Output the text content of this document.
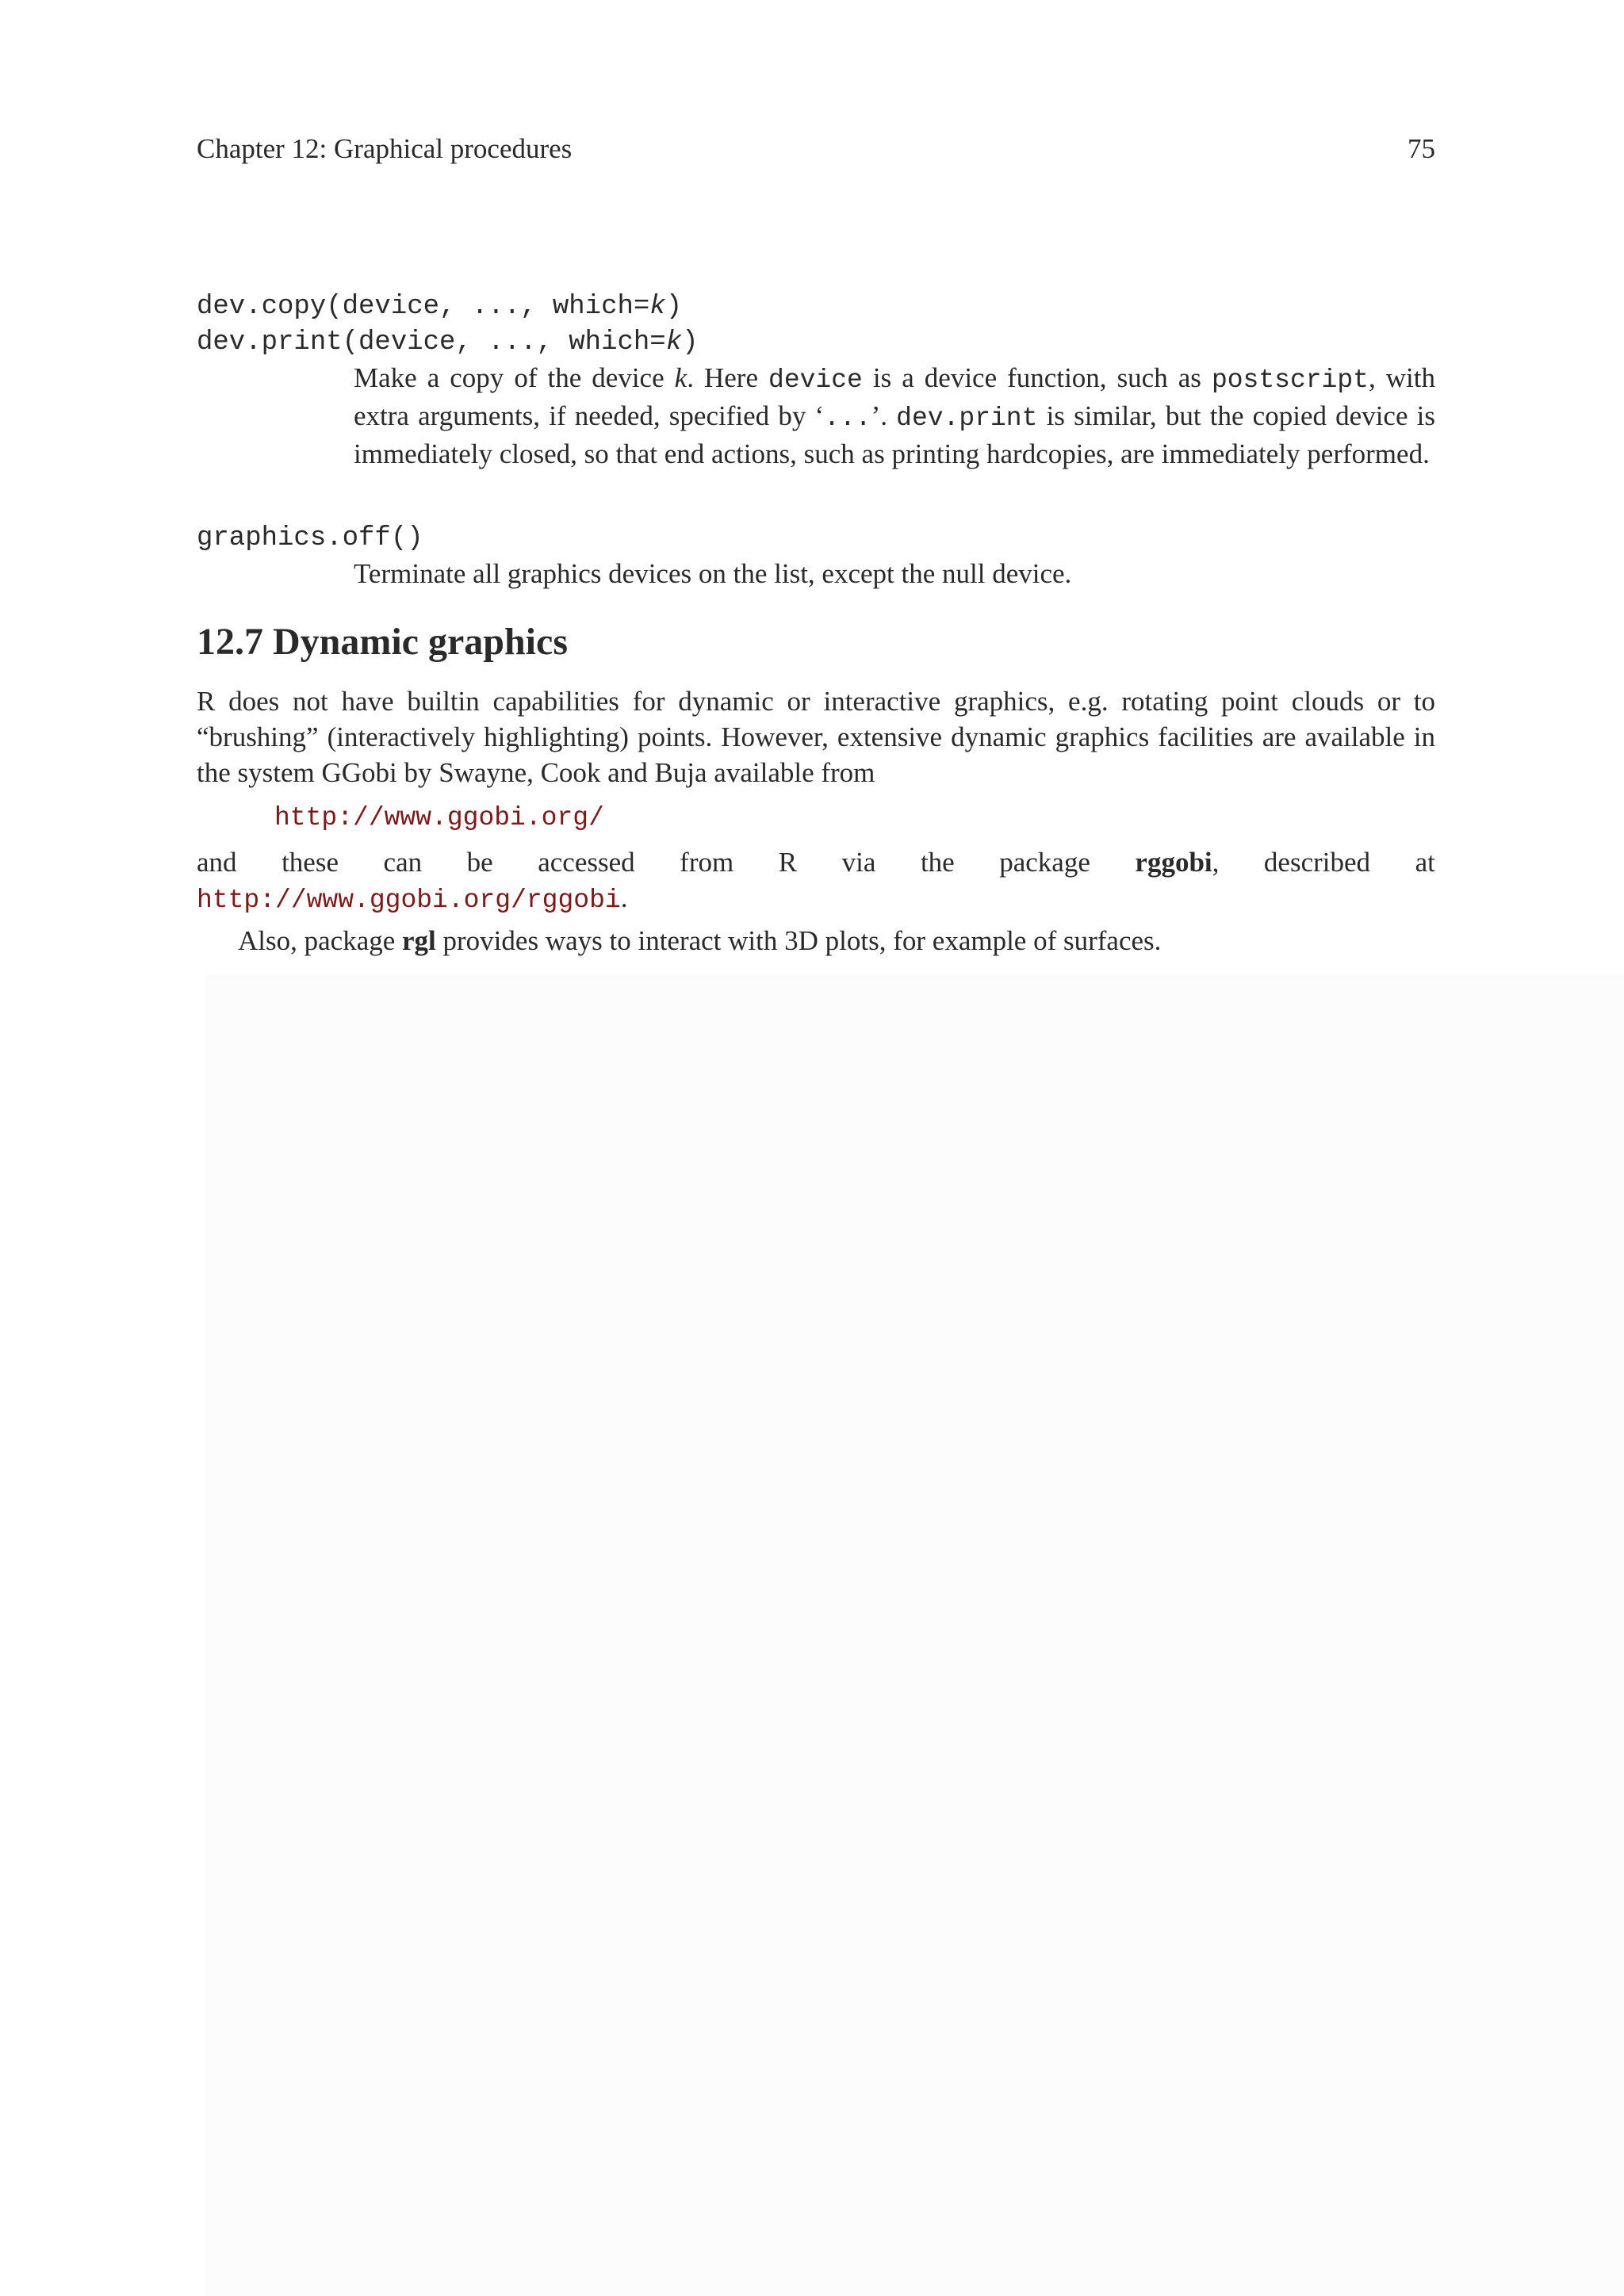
Chapter 12: Graphical procedures	75
dev.copy(device, ..., which=k)
dev.print(device, ..., which=k)
Make a copy of the device k. Here device is a device function, such as postscript, with extra arguments, if needed, specified by ‘...’. dev.print is similar, but the copied device is immediately closed, so that end actions, such as printing hardcopies, are immediately performed.
graphics.off()
Terminate all graphics devices on the list, except the null device.
12.7 Dynamic graphics
R does not have builtin capabilities for dynamic or interactive graphics, e.g. rotating point clouds or to “brushing” (interactively highlighting) points. However, extensive dynamic graphics facilities are available in the system GGobi by Swayne, Cook and Buja available from
http://www.ggobi.org/
and these can be accessed from R via the package rggobi, described at
http://www.ggobi.org/rggobi.
Also, package rgl provides ways to interact with 3D plots, for example of surfaces.
